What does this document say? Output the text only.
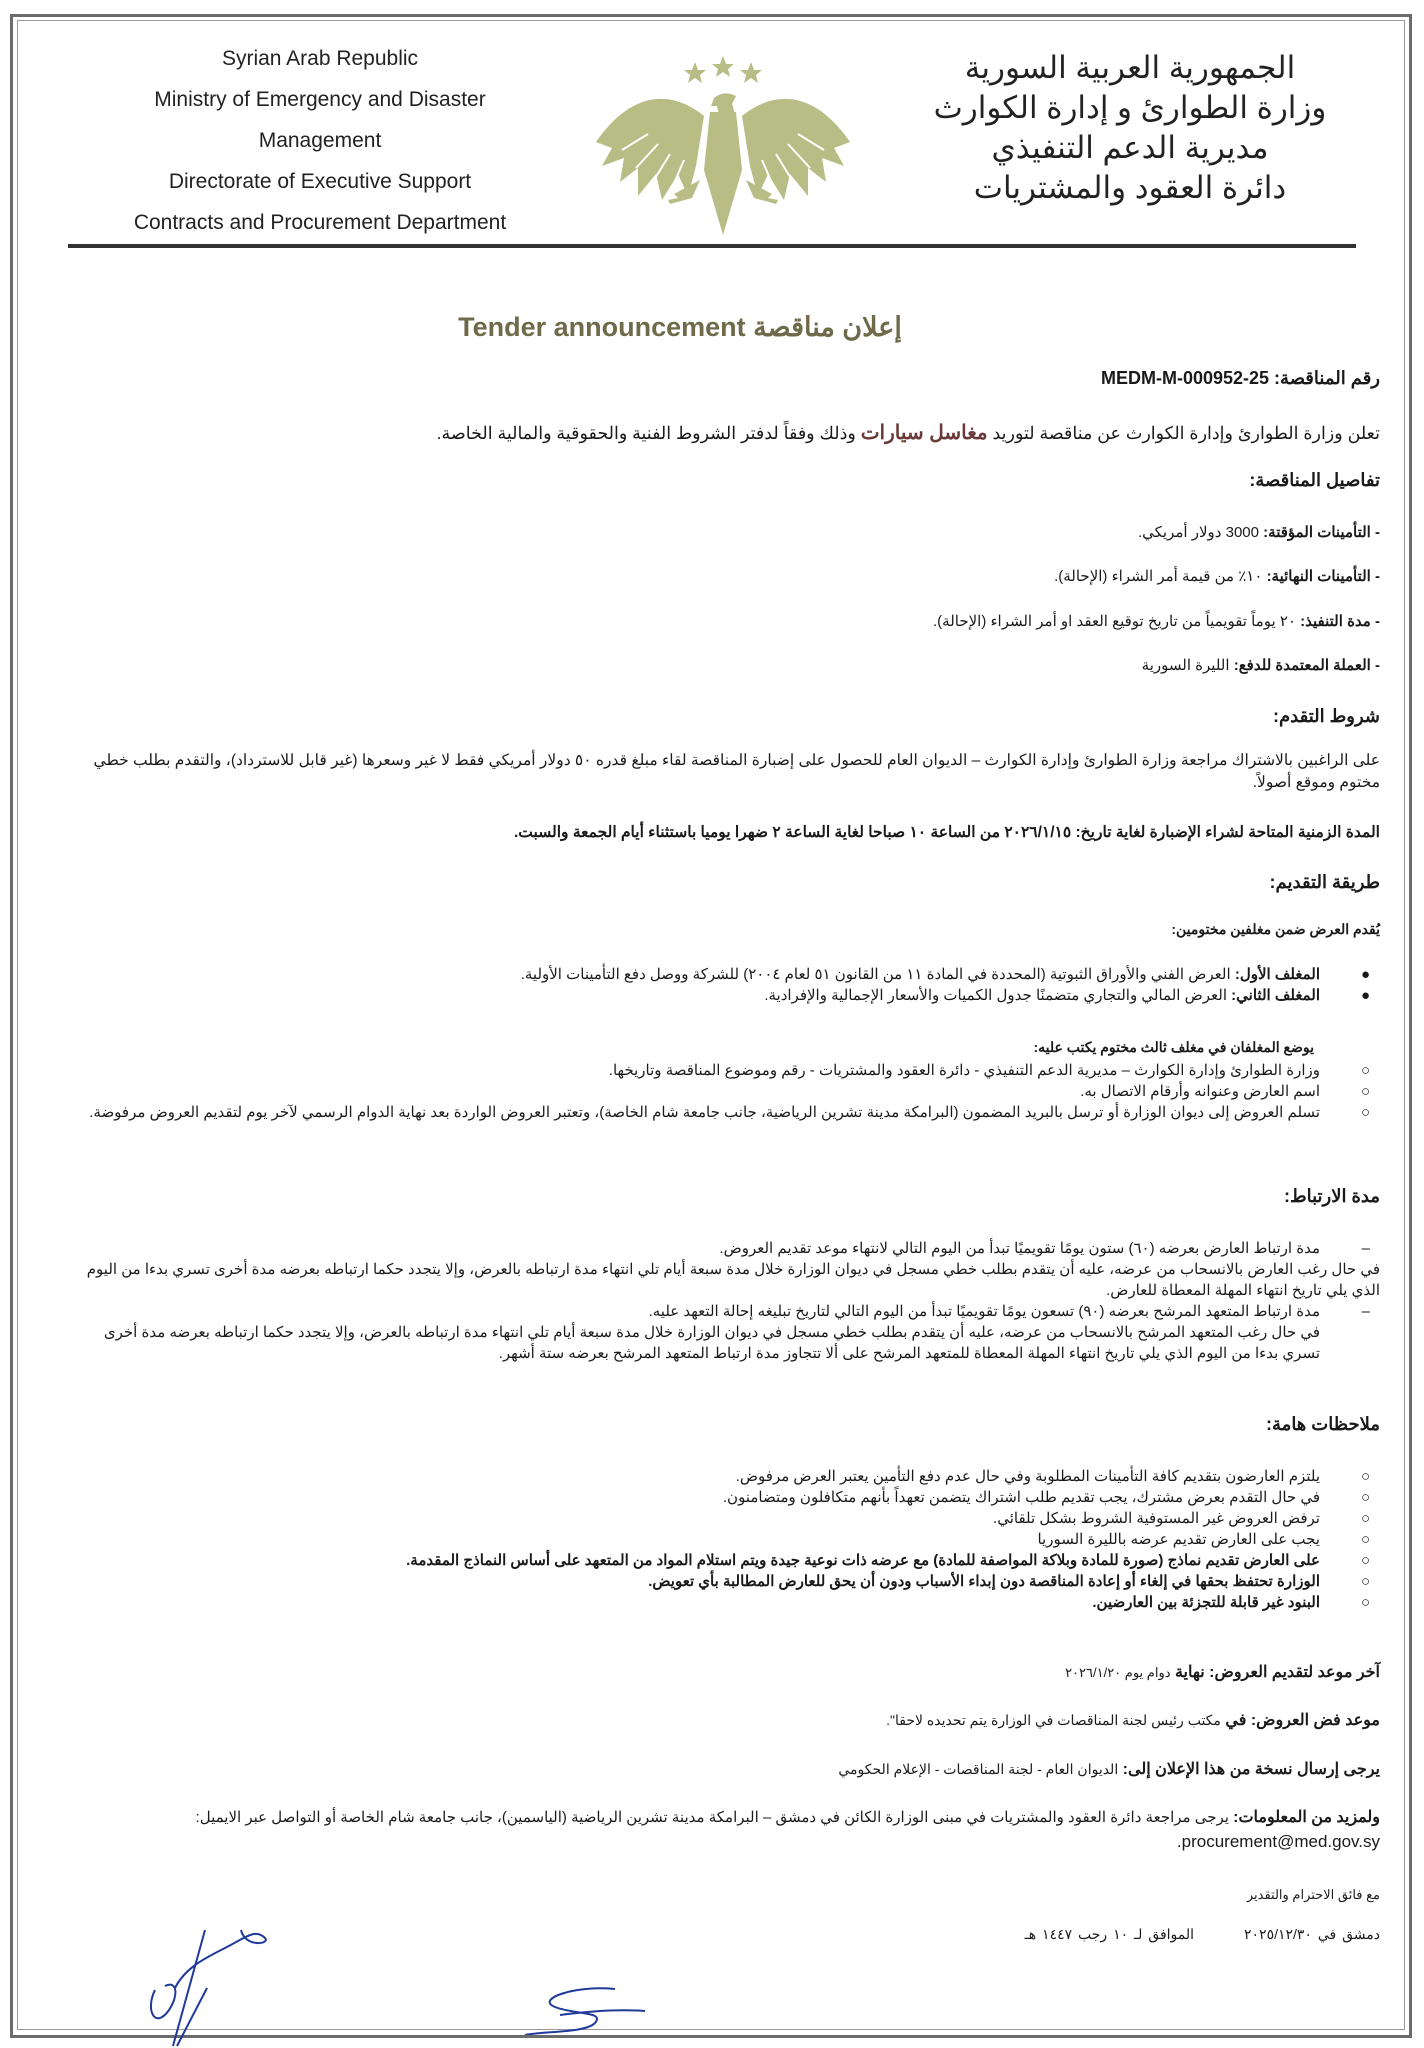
Syrian Arab Republic
Ministry of Emergency and Disaster
Management
Directorate of Executive Support
Contracts and Procurement Department
الجمهورية العربية السورية
وزارة الطوارئ و إدارة الكوارث
مديرية الدعم التنفيذي
دائرة العقود والمشتريات
إعلان مناقصة Tender announcement
رقم المناقصة: MEDM-M-000952-25
تعلن وزارة الطوارئ وإدارة الكوارث عن مناقصة لتوريد مغاسل سيارات وذلك وفقاً لدفتر الشروط الفنية والحقوقية والمالية الخاصة.
تفاصيل المناقصة:
- التأمينات المؤقتة: 3000 دولار أمريكي.
- التأمينات النهائية: ١٠٪ من قيمة أمر الشراء (الإحالة).
- مدة التنفيذ: ٢٠ يوماً تقويمياً من تاريخ توقيع العقد او أمر الشراء (الإحالة).
- العملة المعتمدة للدفع: الليرة السورية
شروط التقدم:
على الراغبين بالاشتراك مراجعة وزارة الطوارئ وإدارة الكوارث – الديوان العام للحصول على إضبارة المناقصة لقاء مبلغ قدره ٥٠ دولار أمريكي فقط لا غير وسعرها (غير قابل للاسترداد)، والتقدم بطلب خطي مختوم وموقع أصولاً.
المدة الزمنية المتاحة لشراء الإضبارة لغاية تاريخ: ٢٠٢٦/١/١٥ من الساعة ١٠ صباحا لغاية الساعة ٢ ضهرا يوميا باستثناء أيام الجمعة والسبت.
طريقة التقديم:
يُقدم العرض ضمن مغلفين مختومين:
●
المغلف الأول: العرض الفني والأوراق الثبوتية (المحددة في المادة ١١ من القانون ٥١ لعام ٢٠٠٤) للشركة ووصل دفع التأمينات الأولية.
●
المغلف الثاني: العرض المالي والتجاري متضمنًا جدول الكميات والأسعار الإجمالية والإفرادية.
يوضع المغلفان في مغلف ثالث مختوم يكتب عليه:
○
وزارة الطوارئ وإدارة الكوارث – مديرية الدعم التنفيذي - دائرة العقود والمشتريات - رقم وموضوع المناقصة وتاريخها.
○
اسم العارض وعنوانه وأرقام الاتصال به.
○
تسلم العروض إلى ديوان الوزارة أو ترسل بالبريد المضمون (البرامكة مدينة تشرين الرياضية، جانب جامعة شام الخاصة)، وتعتبر العروض الواردة بعد نهاية الدوام الرسمي لآخر يوم لتقديم العروض مرفوضة.
مدة الارتباط:
–
مدة ارتباط العارض بعرضه (٦٠) ستون يومًا تقويميًا تبدأ من اليوم التالي لانتهاء موعد تقديم العروض.
في حال رغب العارض بالانسحاب من عرضه، عليه أن يتقدم بطلب خطي مسجل في ديوان الوزارة خلال مدة سبعة أيام تلي انتهاء مدة ارتباطه بالعرض، وإلا يتجدد حكما ارتباطه بعرضه مدة أخرى تسري بدءا من اليوم الذي يلي تاريخ انتهاء المهلة المعطاة للعارض.
–
مدة ارتباط المتعهد المرشح بعرضه (٩٠) تسعون يومًا تقويميًا تبدأ من اليوم التالي لتاريخ تبليغه إحالة التعهد عليه.
في حال رغب المتعهد المرشح بالانسحاب من عرضه، عليه أن يتقدم بطلب خطي مسجل في ديوان الوزارة خلال مدة سبعة أيام تلي انتهاء مدة ارتباطه بالعرض، وإلا يتجدد حكما ارتباطه بعرضه مدة أخرى تسري بدءا من اليوم الذي يلي تاريخ انتهاء المهلة المعطاة للمتعهد المرشح على ألا تتجاوز مدة ارتباط المتعهد المرشح بعرضه ستة أشهر.
ملاحظات هامة:
○
يلتزم العارضون بتقديم كافة التأمينات المطلوبة وفي حال عدم دفع التأمين يعتبر العرض مرفوض.
○
في حال التقدم بعرض مشترك، يجب تقديم طلب اشتراك يتضمن تعهداً بأنهم متكافلون ومتضامنون.
○
ترفض العروض غير المستوفية الشروط بشكل تلقائي.
○
يجب على العارض تقديم عرضه بالليرة السوريا
○
على العارض تقديم نماذج (صورة للمادة وبلاكة المواصفة للمادة) مع عرضه ذات نوعية جيدة ويتم استلام المواد من المتعهد على أساس النماذج المقدمة.
○
الوزارة تحتفظ بحقها في إلغاء أو إعادة المناقصة دون إبداء الأسباب ودون أن يحق للعارض المطالبة بأي تعويض.
○
البنود غير قابلة للتجزئة بين العارضين.
آخر موعد لتقديم العروض: نهاية دوام يوم ٢٠٢٦/١/٢٠
موعد فض العروض: في مكتب رئيس لجنة المناقصات في الوزارة يتم تحديده لاحقا".
يرجى إرسال نسخة من هذا الإعلان إلى: الديوان العام - لجنة المناقصات - الإعلام الحكومي
ولمزيد من المعلومات: يرجى مراجعة دائرة العقود والمشتريات في مبنى الوزارة الكائن في دمشق – البرامكة مدينة تشرين الرياضية (الياسمين)، جانب جامعة شام الخاصة أو التواصل عبر الايميل:
procurement@med.gov.sy.
مع فائق الاحترام والتقدير
دمشق في ٢٠٢٥/١٢/٣٠الموافق لـ ١٠ رجب ١٤٤٧ هـ
